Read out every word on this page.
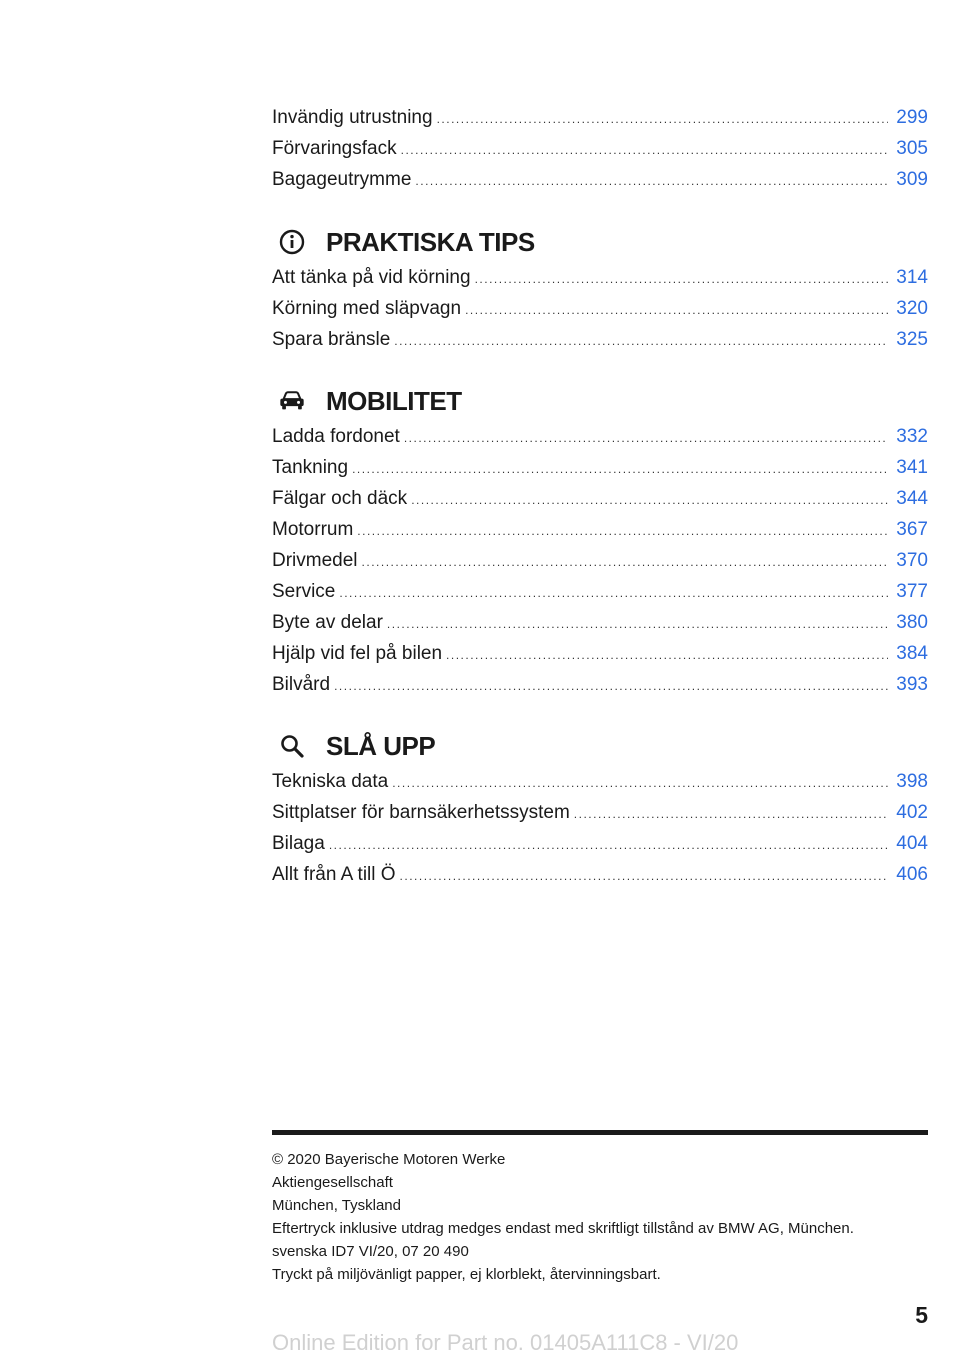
Invändig utrustning .....	299
Förvaringsfack .....	305
Bagageutrymme .....	309
PRAKTISKA TIPS
Att tänka på vid körning .....	314
Körning med släpvagn .....	320
Spara bränsle .....	325
MOBILITET
Ladda fordonet .....	332
Tankning .....	341
Fälgar och däck .....	344
Motorrum .....	367
Drivmedel .....	370
Service .....	377
Byte av delar .....	380
Hjälp vid fel på bilen .....	384
Bilvård .....	393
SLÅ UPP
Tekniska data .....	398
Sittplatser för barnsäkerhetssystem .....	402
Bilaga .....	404
Allt från A till Ö .....	406
© 2020 Bayerische Motoren Werke
Aktiengesellschaft
München, Tyskland
Eftertryck inklusive utdrag medges endast med skriftligt tillstånd av BMW AG, München.
svenska ID7 VI/20, 07 20 490
Tryckt på miljövänligt papper, ej klorblekt, återvinningsbart.
5
Online Edition for Part no. 01405A111C8 - VI/20
